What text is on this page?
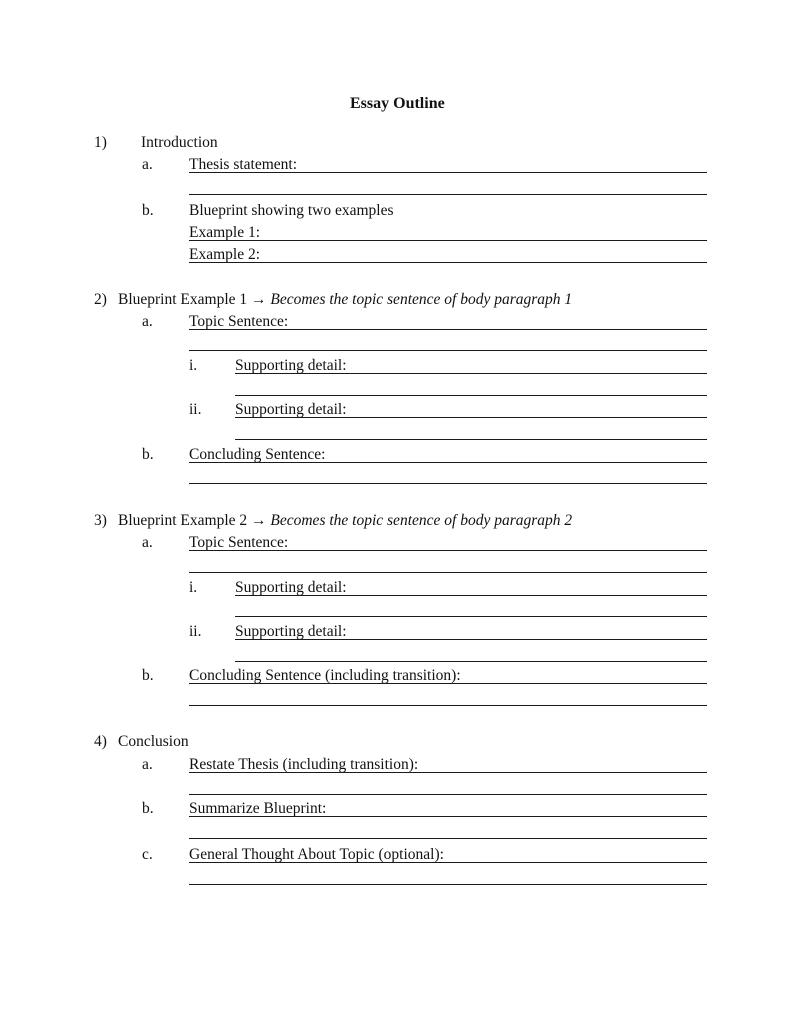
Essay Outline
1) Introduction
a. Thesis statement:
b. Blueprint showing two examples
Example 1:
Example 2:
2) Blueprint Example 1 → Becomes the topic sentence of body paragraph 1
a. Topic Sentence:
i. Supporting detail:
ii. Supporting detail:
b. Concluding Sentence:
3) Blueprint Example 2 → Becomes the topic sentence of body paragraph 2
a. Topic Sentence:
i. Supporting detail:
ii. Supporting detail:
b. Concluding Sentence (including transition):
4) Conclusion
a. Restate Thesis (including transition):
b. Summarize Blueprint:
c. General Thought About Topic (optional):
